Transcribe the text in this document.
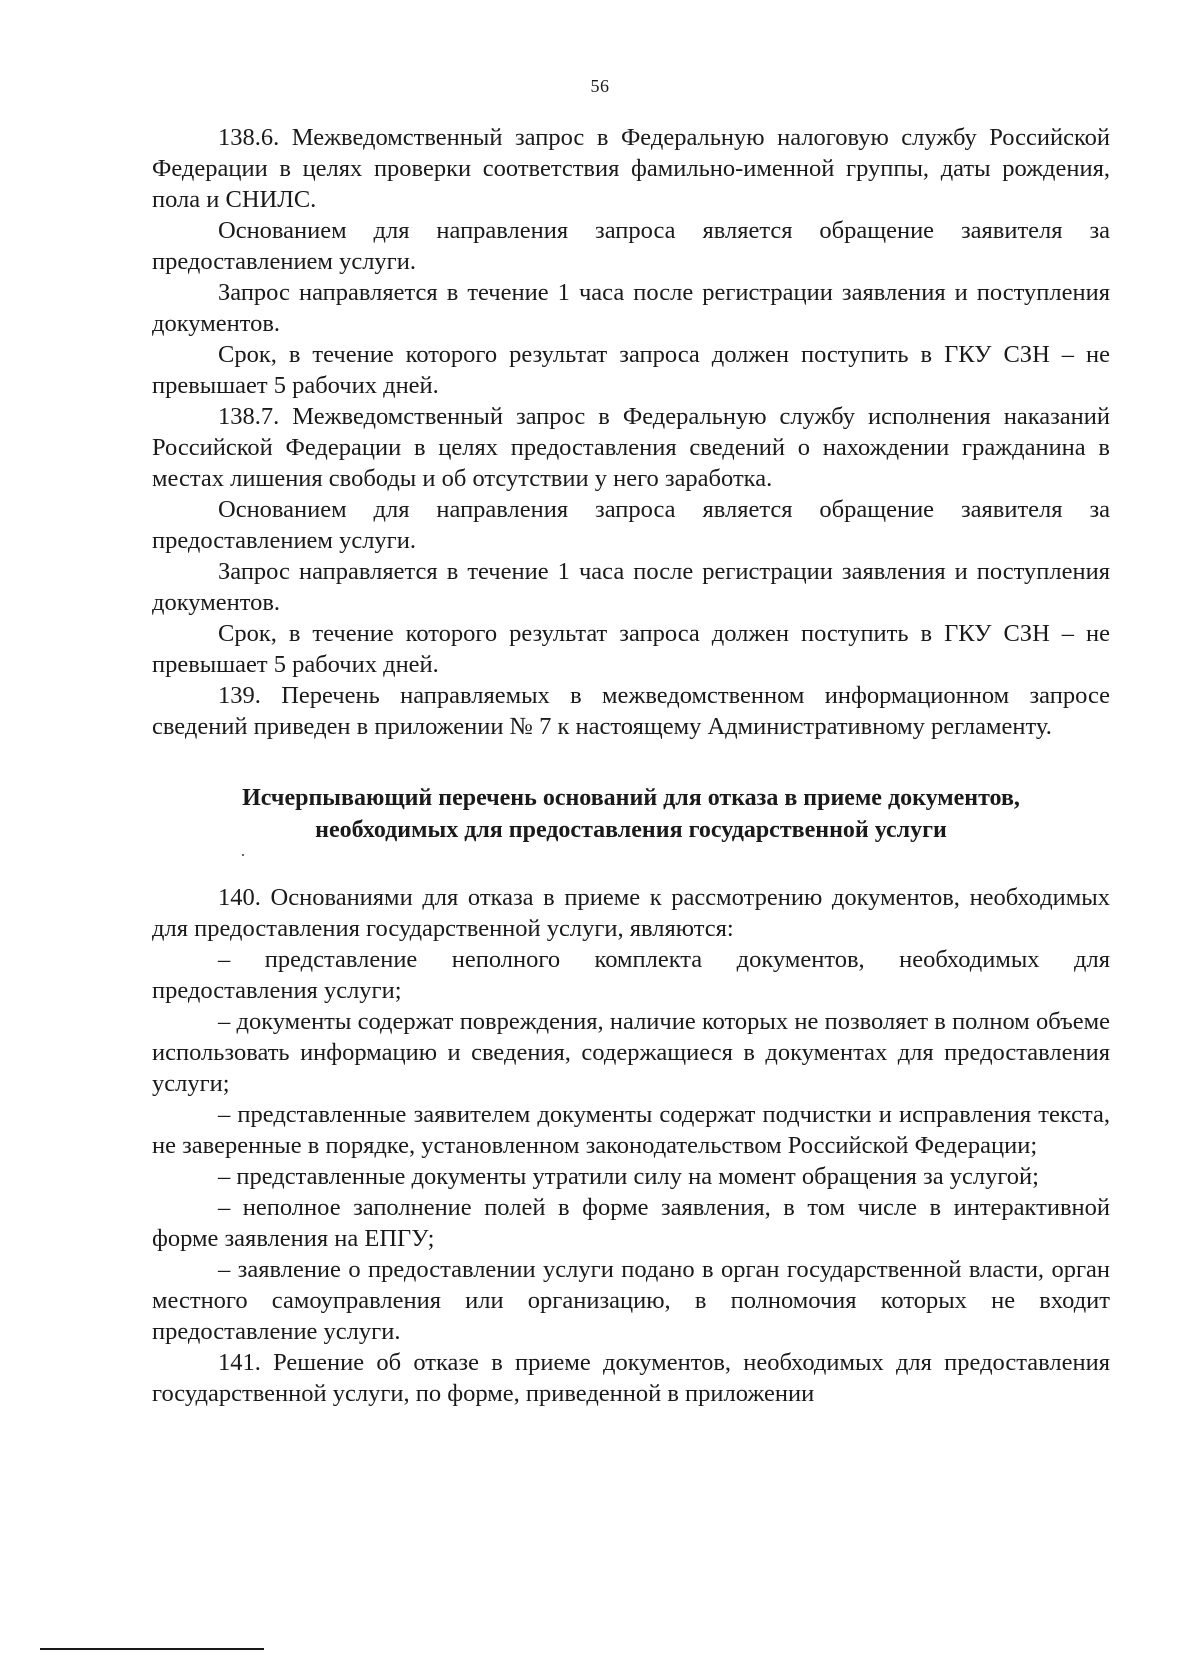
56

138.6. Межведомственный запрос в Федеральную налоговую службу Российской Федерации в целях проверки соответствия фамильно-именной группы, даты рождения, пола и СНИЛС.

Основанием для направления запроса является обращение заявителя за предоставлением услуги.

Запрос направляется в течение 1 часа после регистрации заявления и поступления документов.

Срок, в течение которого результат запроса должен поступить в ГКУ СЗН – не превышает 5 рабочих дней.

138.7. Межведомственный запрос в Федеральную службу исполнения наказаний Российской Федерации в целях предоставления сведений о нахождении гражданина в местах лишения свободы и об отсутствии у него заработка.

Основанием для направления запроса является обращение заявителя за предоставлением услуги.

Запрос направляется в течение 1 часа после регистрации заявления и поступления документов.

Срок, в течение которого результат запроса должен поступить в ГКУ СЗН – не превышает 5 рабочих дней.

139. Перечень направляемых в межведомственном информационном запросе сведений приведен в приложении № 7 к настоящему Административному регламенту.

Исчерпывающий перечень оснований для отказа в приеме документов,
необходимых для предоставления государственной услуги

140. Основаниями для отказа в приеме к рассмотрению документов, необходимых для предоставления государственной услуги, являются:

– представление неполного комплекта документов, необходимых для предоставления услуги;

– документы содержат повреждения, наличие которых не позволяет в полном объеме использовать информацию и сведения, содержащиеся в документах для предоставления услуги;

– представленные заявителем документы содержат подчистки и исправления текста, не заверенные в порядке, установленном законодательством Российской Федерации;

– представленные документы утратили силу на момент обращения за услугой;

– неполное заполнение полей в форме заявления, в том числе в интерактивной форме заявления на ЕПГУ;

– заявление о предоставлении услуги подано в орган государственной власти, орган местного самоуправления или организацию, в полномочия которых не входит предоставление услуги.

141. Решение об отказе в приеме документов, необходимых для предоставления государственной услуги, по форме, приведенной в приложении
